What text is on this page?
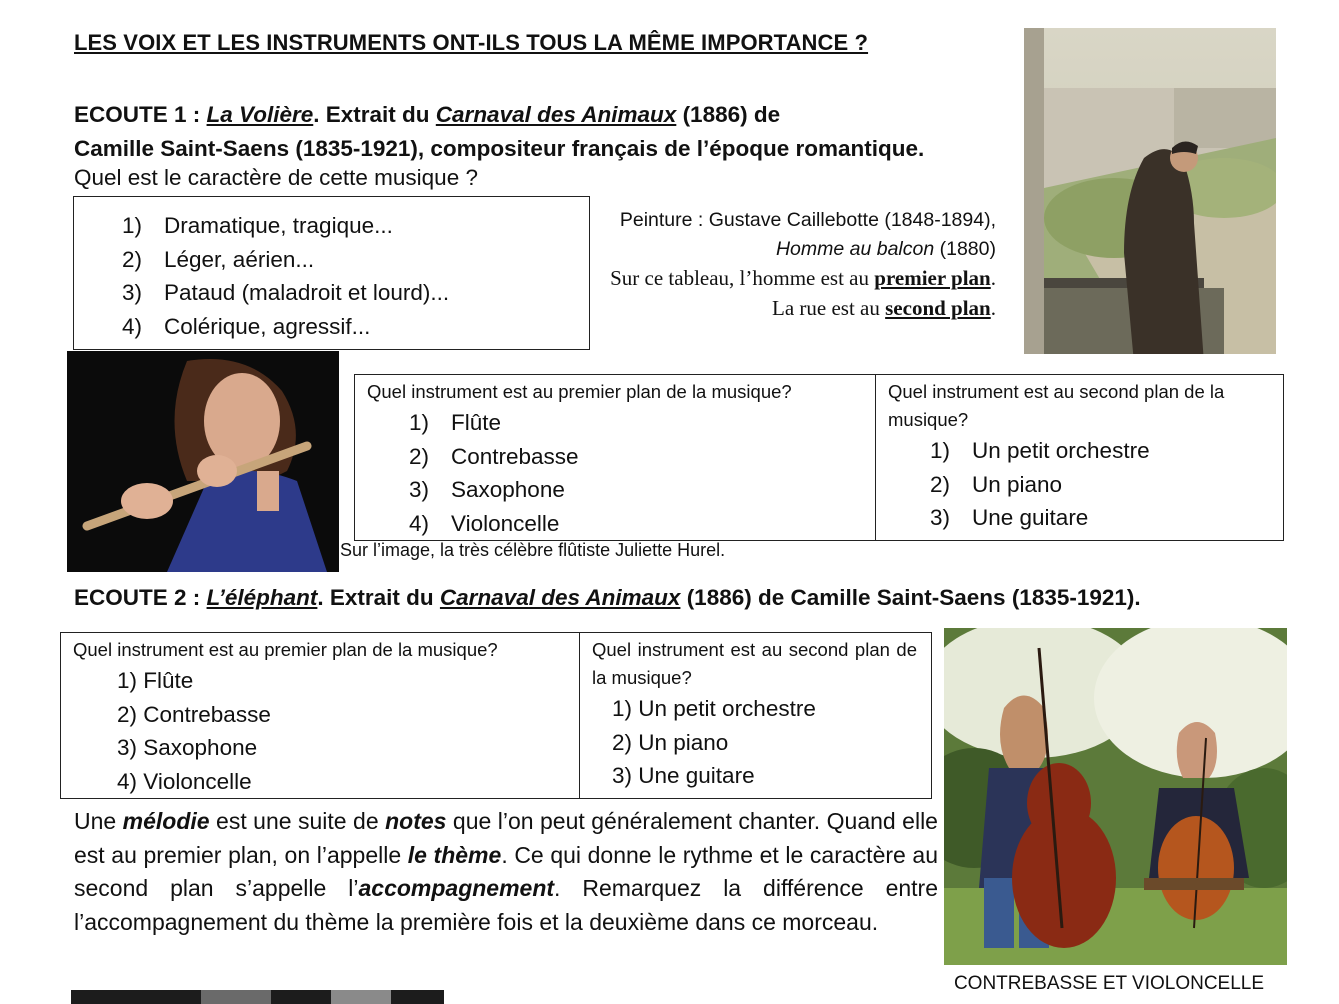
LES VOIX ET LES INSTRUMENTS ONT-ILS TOUS LA MÊME IMPORTANCE ?
ECOUTE 1 : La Volière. Extrait du Carnaval des Animaux (1886) de
Camille Saint-Saens (1835-1921), compositeur français de l’époque romantique.
Quel est le caractère de cette musique ?
1) Dramatique, tragique...
2) Léger, aérien...
3) Pataud (maladroit et lourd)...
4) Colérique, agressif...
Peinture : Gustave Caillebotte (1848-1894), Homme au balcon (1880)
Sur ce tableau, l’homme est au premier plan. La rue est au second plan.
Quel instrument est au premier plan de la musique?
1) Flûte
2) Contrebasse
3) Saxophone
4) Violoncelle

Quel instrument est au second plan de la musique?
1) Un petit orchestre
2) Un piano
3) Une guitare
Sur l’image, la très célèbre flûtiste Juliette Hurel.
ECOUTE 2 : L’éléphant. Extrait du Carnaval des Animaux (1886) de Camille Saint-Saens (1835-1921).
Quel instrument est au premier plan de la musique?
1) Flûte
2) Contrebasse
3) Saxophone
4) Violoncelle

Quel instrument est au second plan de la musique?
1) Un petit orchestre
2) Un piano
3) Une guitare
Une mélodie est une suite de notes que l’on peut généralement chanter. Quand elle est au premier plan, on l’appelle le thème. Ce qui donne le rythme et le caractère au second plan s’appelle l’accompagnement. Remarquez la différence entre l’accompagnement du thème la première fois et la deuxième dans ce morceau.
CONTREBASSE ET VIOLONCELLE
